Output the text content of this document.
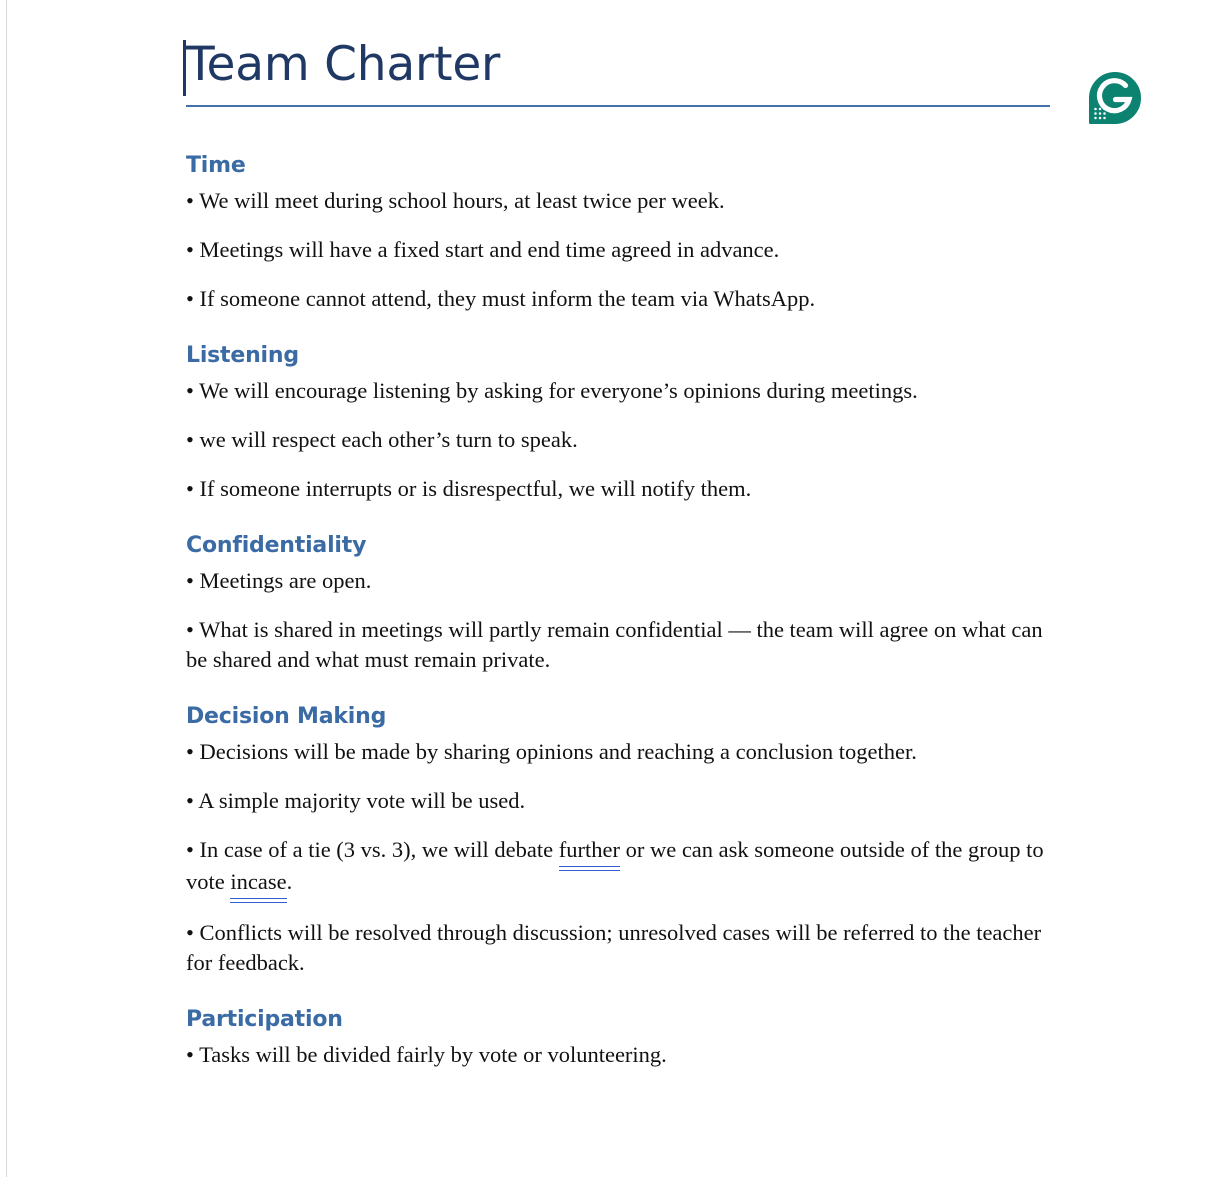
Team Charter
Time
• We will meet during school hours, at least twice per week.
• Meetings will have a fixed start and end time agreed in advance.
• If someone cannot attend, they must inform the team via WhatsApp.
Listening
• We will encourage listening by asking for everyone’s opinions during meetings.
• we will respect each other’s turn to speak.
• If someone interrupts or is disrespectful, we will notify them.
Confidentiality
• Meetings are open.
• What is shared in meetings will partly remain confidential — the team will agree on what can be shared and what must remain private.
Decision Making
• Decisions will be made by sharing opinions and reaching a conclusion together.
• A simple majority vote will be used.
• In case of a tie (3 vs. 3), we will debate further or we can ask someone outside of the group to vote incase.
• Conflicts will be resolved through discussion; unresolved cases will be referred to the teacher for feedback.
Participation
• Tasks will be divided fairly by vote or volunteering.
